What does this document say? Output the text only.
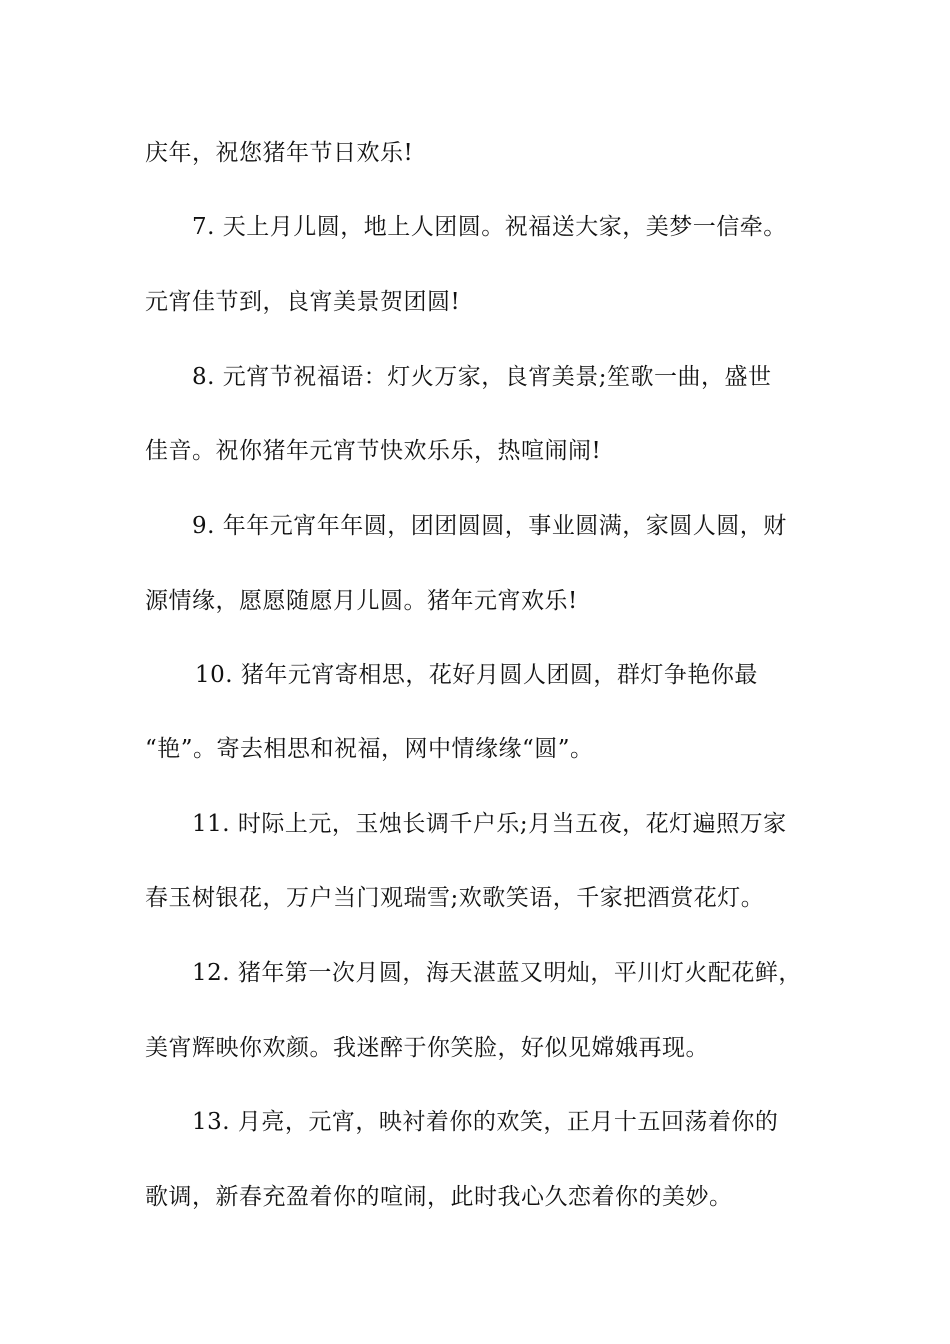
庆年，祝您猪年节日欢乐!
7. 天上月儿圆，地上人团圆。祝福送大家，美梦一信牵。
元宵佳节到，良宵美景贺团圆!
8. 元宵节祝福语：灯火万家，良宵美景;笙歌一曲，盛世
佳音。祝你猪年元宵节快欢乐乐，热喧闹闹!
9. 年年元宵年年圆，团团圆圆，事业圆满，家圆人圆，财
源情缘，愿愿随愿月儿圆。猪年元宵欢乐!
10. 猪年元宵寄相思，花好月圆人团圆，群灯争艳你最
“艳”。寄去相思和祝福，网中情缘缘“圆”。
11. 时际上元，玉烛长调千户乐;月当五夜，花灯遍照万家
春玉树银花，万户当门观瑞雪;欢歌笑语，千家把酒赏花灯。
12. 猪年第一次月圆，海天湛蓝又明灿，平川灯火配花鲜，
美宵辉映你欢颜。我迷醉于你笑脸，好似见嫦娥再现。
13. 月亮，元宵，映衬着你的欢笑，正月十五回荡着你的
歌调，新春充盈着你的喧闹，此时我心久恋着你的美妙。
